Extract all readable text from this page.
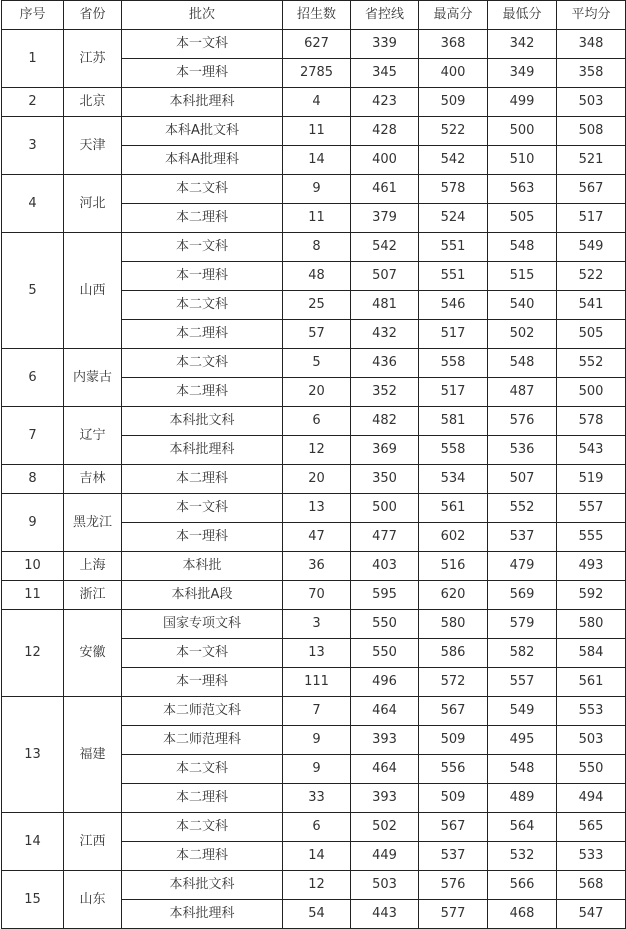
序号	省份	批次	招生数	省控线	最高分	最低分	平均分
1	江苏	本一文科	627	339	368	342	348
		本一理科	2785	345	400	349	358
2	北京	本科批理科	4	423	509	499	503
3	天津	本科A批文科	11	428	522	500	508
		本科A批理科	14	400	542	510	521
4	河北	本二文科	9	461	578	563	567
		本二理科	11	379	524	505	517
5	山西	本一文科	8	542	551	548	549
		本一理科	48	507	551	515	522
		本二文科	25	481	546	540	541
		本二理科	57	432	517	502	505
6	内蒙古	本二文科	5	436	558	548	552
		本二理科	20	352	517	487	500
7	辽宁	本科批文科	6	482	581	576	578
		本科批理科	12	369	558	536	543
8	吉林	本二理科	20	350	534	507	519
9	黑龙江	本一文科	13	500	561	552	557
		本一理科	47	477	602	537	555
10	上海	本科批	36	403	516	479	493
11	浙江	本科批A段	70	595	620	569	592
12	安徽	国家专项文科	3	550	580	579	580
		本一文科	13	550	586	582	584
		本一理科	111	496	572	557	561
13	福建	本二师范文科	7	464	567	549	553
		本二师范理科	9	393	509	495	503
		本二文科	9	464	556	548	550
		本二理科	33	393	509	489	494
14	江西	本二文科	6	502	567	564	565
		本二理科	14	449	537	532	533
15	山东	本科批文科	12	503	576	566	568
		本科批理科	54	443	577	468	547
